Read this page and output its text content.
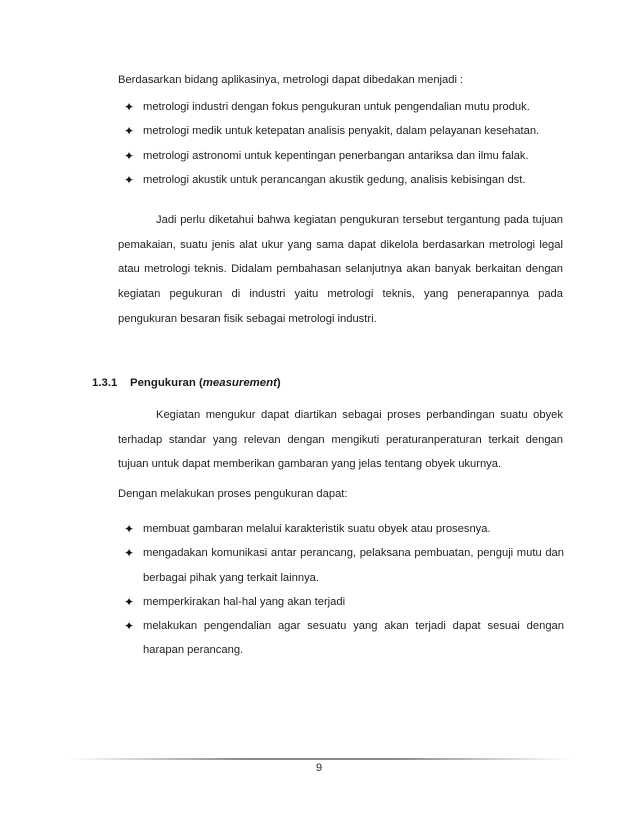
Berdasarkan bidang aplikasinya, metrologi dapat dibedakan menjadi :
✦ metrologi industri dengan fokus pengukuran untuk pengendalian mutu produk.
✦ metrologi medik untuk ketepatan analisis penyakit, dalam pelayanan kesehatan.
✦ metrologi astronomi untuk kepentingan penerbangan antariksa dan ilmu falak.
✦ metrologi akustik untuk perancangan akustik gedung, analisis kebisingan dst.
Jadi perlu diketahui bahwa kegiatan pengukuran tersebut tergantung pada tujuan pemakaian, suatu jenis alat ukur yang sama dapat dikelola berdasarkan metrologi legal atau metrologi teknis. Didalam pembahasan selanjutnya akan banyak berkaitan dengan kegiatan pegukuran di industri yaitu metrologi teknis, yang penerapannya pada pengukuran besaran fisik sebagai metrologi industri.
1.3.1 Pengukuran (measurement)
Kegiatan mengukur dapat diartikan sebagai proses perbandingan suatu obyek terhadap standar yang relevan dengan mengikuti peraturanperaturan terkait dengan tujuan untuk dapat memberikan gambaran yang jelas tentang obyek ukurnya.
Dengan melakukan proses pengukuran dapat:
✦ membuat gambaran melalui karakteristik suatu obyek atau prosesnya.
✦ mengadakan komunikasi antar perancang, pelaksana pembuatan, penguji mutu dan berbagai pihak yang terkait lainnya.
✦ memperkirakan hal-hal yang akan terjadi
✦ melakukan pengendalian agar sesuatu yang akan terjadi dapat sesuai dengan harapan perancang.
9
